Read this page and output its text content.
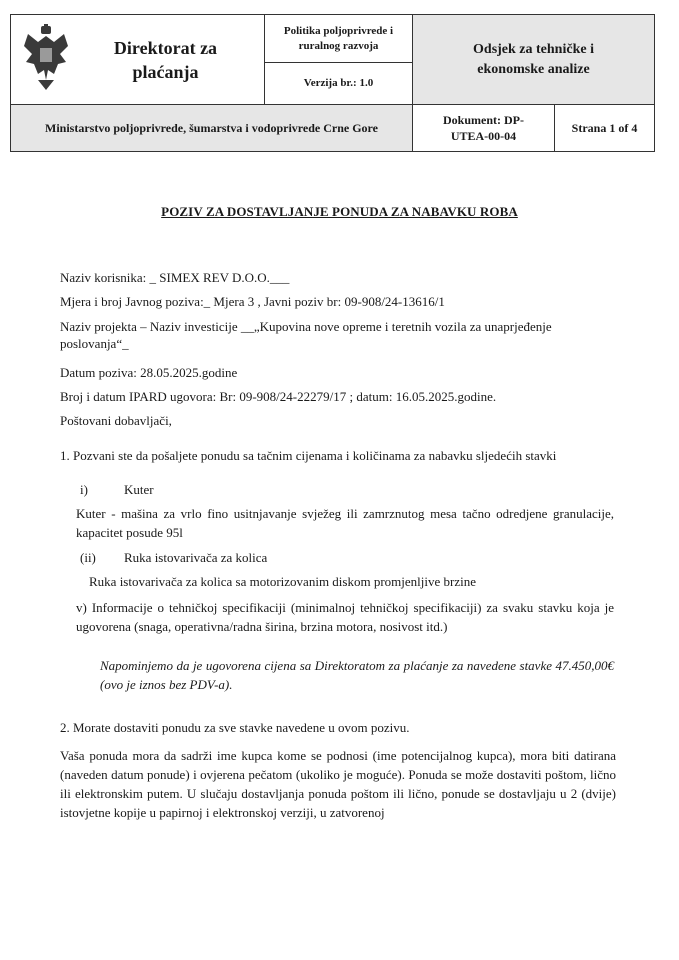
Direktorat za plaćanja
Politika poljoprivrede i ruralnog razvoja
Verzija br.: 1.0
Odsjek za tehničke i ekonomske analize
Ministarstvo poljoprivrede, šumarstva i vodoprivrede Crne Gore
Dokument: DP-UTEA-00-04
Strana 1 of 4
POZIV ZA DOSTAVLJANJE PONUDA ZA NABAVKU ROBA
Naziv korisnika: _ SIMEX REV D.O.O.___
Mjera i broj Javnog poziva:_ Mjera 3 , Javni poziv br: 09-908/24-13616/1
Naziv projekta – Naziv investicije __„Kupovina nove opreme i teretnih vozila za unaprjeđenje
poslovanja“_
Datum poziva: 28.05.2025.godine
Broj i datum IPARD ugovora: Br: 09-908/24-22279/17 ; datum: 16.05.2025.godine.
Poštovani dobavljači,
1. Pozvani ste da pošaljete ponudu sa tačnim cijenama i količinama za nabavku sljedećih stavki
i)	Kuter
Kuter - mašina za vrlo fino usitnjavanje svježeg ili zamrznutog mesa tačno odredjene granulacije, kapacitet posude 95l
(ii) Ruka istovarivača za kolica
Ruka istovarivača za kolica sa motorizovanim diskom promjenljive brzine
v) Informacije o tehničkoj specifikaciji (minimalnoj tehničkoj specifikaciji) za svaku stavku koja je ugovorena (snaga, operativna/radna širina, brzina motora, nosivost itd.)
Napominjemo da je ugovorena cijena sa Direktoratom za plaćanje za navedene stavke 47.450,00€ (ovo je iznos bez PDV-a).
2. Morate dostaviti ponudu za sve stavke navedene u ovom pozivu.
Vaša ponuda mora da sadrži ime kupca kome se podnosi (ime potencijalnog kupca), mora biti datirana (naveden datum ponude) i ovjerena pečatom (ukoliko je moguće). Ponuda se može dostaviti poštom, lično ili elektronskim putem. U slučaju dostavljanja ponuda poštom ili lično, ponude se dostavljaju u 2 (dvije) istovjetne kopije u papirnoj i elektronskoj verziji, u zatvorenoj
